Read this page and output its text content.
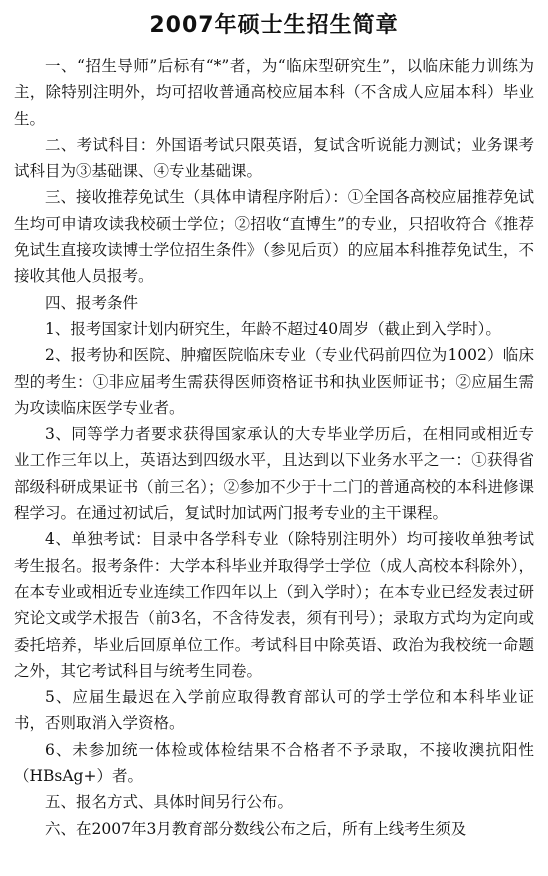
2007年硕士生招生简章

一、“招生导师”后标有“*”者，为“临床型研究生”，以临床能力训练为主，除特别注明外，均可招收普通高校应届本科（不含成人应届本科）毕业生。

二、考试科目：外国语考试只限英语，复试含听说能力测试；业务课考试科目为③基础课、④专业基础课。

三、接收推荐免试生（具体申请程序附后）：①全国各高校应届推荐免试生均可申请攻读我校硕士学位；②招收“直博生”的专业，只招收符合《推荐免试生直接攻读博士学位招生条件》（参见后页）的应届本科推荐免试生，不接收其他人员报考。

四、报考条件

1、报考国家计划内研究生，年龄不超过40周岁（截止到入学时）。

2、报考协和医院、肿瘤医院临床专业（专业代码前四位为1002）临床型的考生：①非应届考生需获得医师资格证书和执业医师证书；②应届生需为攻读临床医学专业者。

3、同等学力者要求获得国家承认的大专毕业学历后，在相同或相近专业工作三年以上，英语达到四级水平，且达到以下业务水平之一：①获得省部级科研成果证书（前三名）；②参加不少于十二门的普通高校的本科进修课程学习。在通过初试后，复试时加试两门报考专业的主干课程。

4、单独考试：目录中各学科专业（除特别注明外）均可接收单独考试考生报名。报考条件：大学本科毕业并取得学士学位（成人高校本科除外），在本专业或相近专业连续工作四年以上（到入学时）；在本专业已经发表过研究论文或学术报告（前3名，不含待发表，须有刊号）；录取方式均为定向或委托培养，毕业后回原单位工作。考试科目中除英语、政治为我校统一命题之外，其它考试科目与统考生同卷。

5、应届生最迟在入学前应取得教育部认可的学士学位和本科毕业证书，否则取消入学资格。

6、未参加统一体检或体检结果不合格者不予录取，不接收澳抗阳性（HBsAg+）者。

五、报名方式、具体时间另行公布。

六、在2007年3月教育部分数线公布之后，所有上线考生须及
